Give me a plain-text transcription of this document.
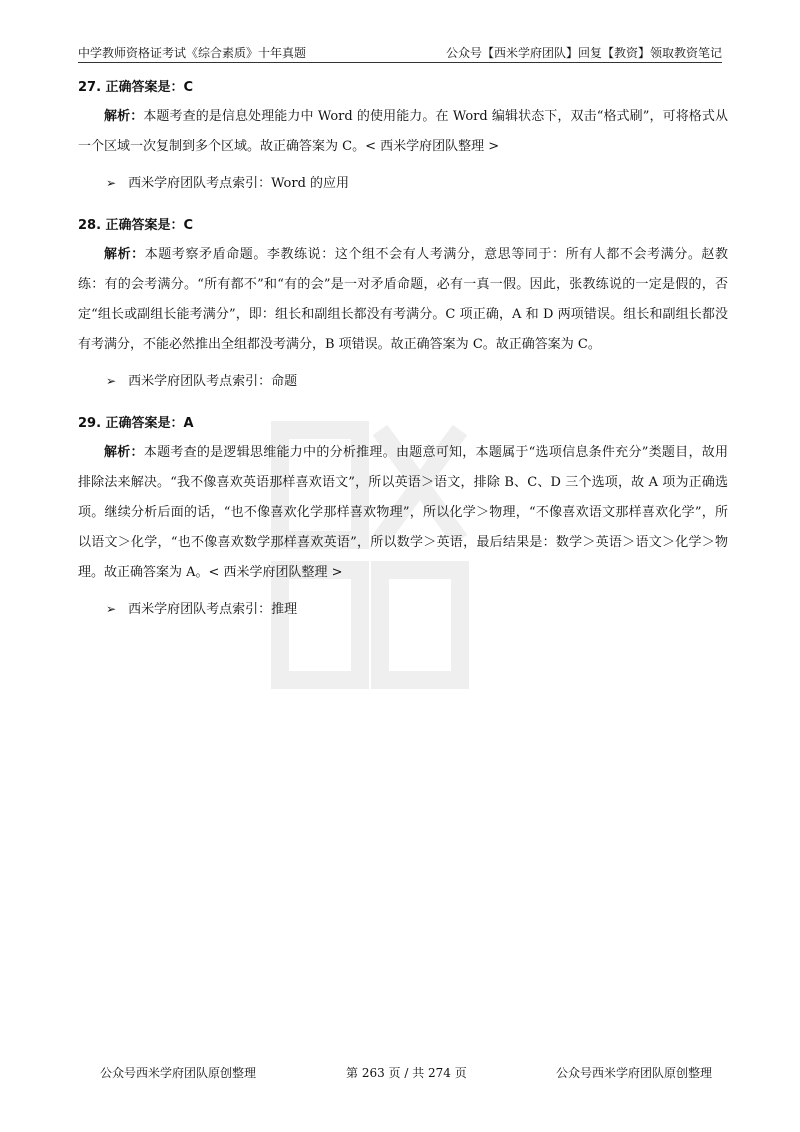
中学教师资格证考试《综合素质》十年真题	公众号【西米学府团队】回复【教资】领取教资笔记
27. 正确答案是：C

解析：本题考查的是信息处理能力中 Word 的使用能力。在 Word 编辑状态下，双击“格式刷”，可将格式从一个区域一次复制到多个区域。故正确答案为 C。< 西米学府团队整理 >

➢ 西米学府团队考点索引：Word 的应用
28. 正确答案是：C

解析：本题考察矛盾命题。李教练说：这个组不会有人考满分，意思等同于：所有人都不会考满分。赵教练：有的会考满分。“所有都不”和“有的会”是一对矛盾命题，必有一真一假。因此，张教练说的一定是假的，否定“组长或副组长能考满分”，即：组长和副组长都没有考满分。C 项正确，A 和 D 两项错误。组长和副组长都没有考满分，不能必然推出全组都没考满分，B 项错误。故正确答案为 C。故正确答案为 C。

➢ 西米学府团队考点索引：命题
29. 正确答案是：A

解析：本题考查的是逻辑思维能力中的分析推理。由题意可知，本题属于“选项信息条件充分”类题目，故用排除法来解决。“我不像喜欢英语那样喜欢语文”，所以英语＞语文，排除 B、C、D 三个选项，故 A 项为正确选项。继续分析后面的话，“也不像喜欢化学那样喜欢物理”，所以化学＞物理，“不像喜欢语文那样喜欢化学”，所以语文＞化学，“也不像喜欢数学那样喜欢英语”，所以数学＞英语，最后结果是：数学＞英语＞语文＞化学＞物理。故正确答案为 A。< 西米学府团队整理 >

➢ 西米学府团队考点索引：推理
公众号西米学府团队原创整理	第 263 页 / 共 274 页	公众号西米学府团队原创整理
